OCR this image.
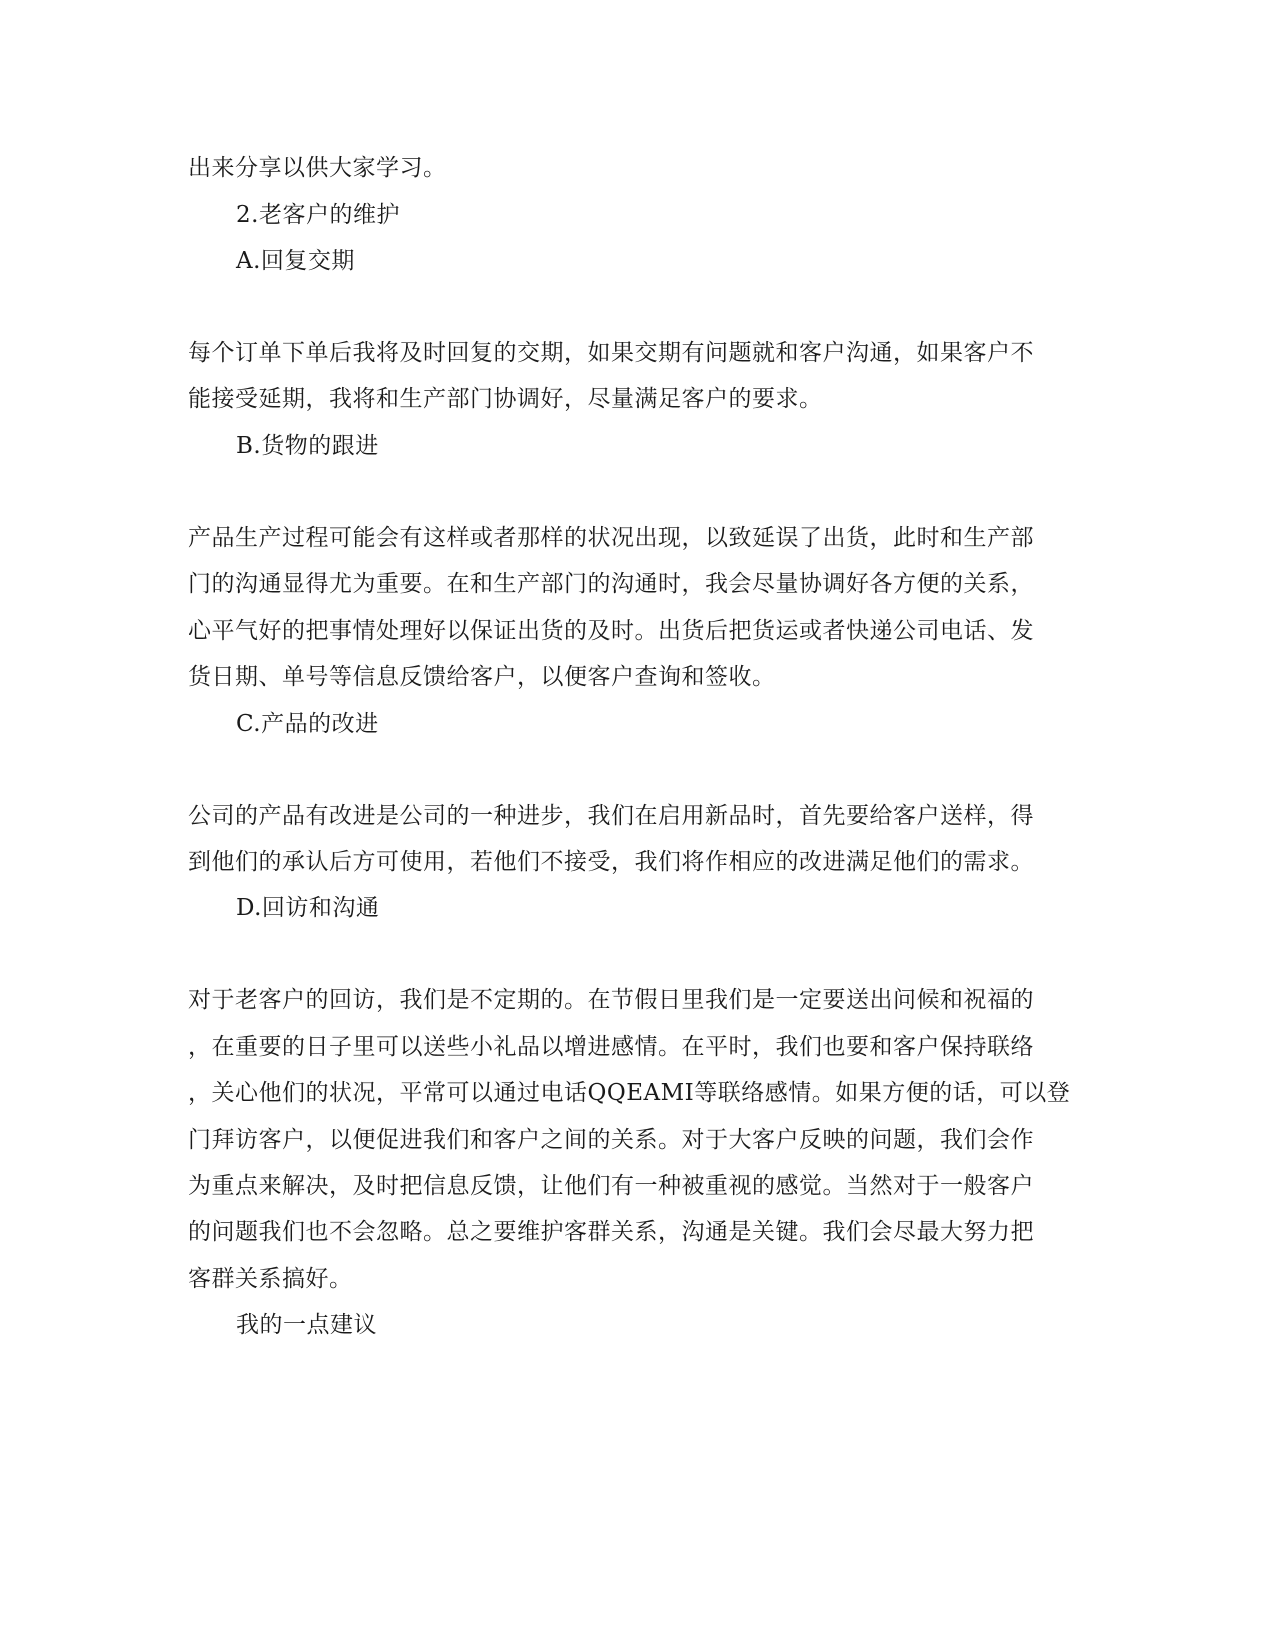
出来分享以供大家学习。
2.老客户的维护
A.回复交期
每个订单下单后我将及时回复的交期，如果交期有问题就和客户沟通，如果客户不
能接受延期，我将和生产部门协调好，尽量满足客户的要求。
B.货物的跟进
产品生产过程可能会有这样或者那样的状况出现，以致延误了出货，此时和生产部
门的沟通显得尤为重要。在和生产部门的沟通时，我会尽量协调好各方便的关系，
心平气好的把事情处理好以保证出货的及时。出货后把货运或者快递公司电话、发
货日期、单号等信息反馈给客户，以便客户查询和签收。
C.产品的改进
公司的产品有改进是公司的一种进步，我们在启用新品时，首先要给客户送样，得
到他们的承认后方可使用，若他们不接受，我们将作相应的改进满足他们的需求。
D.回访和沟通
对于老客户的回访，我们是不定期的。在节假日里我们是一定要送出问候和祝福的
，在重要的日子里可以送些小礼品以增进感情。在平时，我们也要和客户保持联络
，关心他们的状况，平常可以通过电话QQEAMI等联络感情。如果方便的话，可以登
门拜访客户，以便促进我们和客户之间的关系。对于大客户反映的问题，我们会作
为重点来解决，及时把信息反馈，让他们有一种被重视的感觉。当然对于一般客户
的问题我们也不会忽略。总之要维护客群关系，沟通是关键。我们会尽最大努力把
客群关系搞好。
我的一点建议
